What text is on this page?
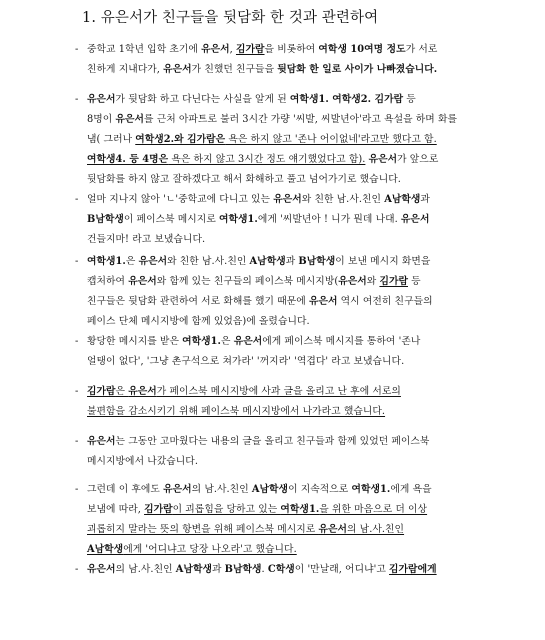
1. 유은서가 친구들을 뒷담화 한 것과 관련하여
- 중학교 1학년 입학 초기에 유은서, 김가람을 비롯하여 여학생 10여명 정도가 서로
친하게 지내다가, 유은서가 친했던 친구들을 뒷담화 한 일로 사이가 나빠졌습니다.
- 유은서가 뒷담화 하고 다닌다는 사실을 알게 된 여학생1. 여학생2. 김가람 등
8명이 유은서를 근처 아파트로 불러 3시간 가량 '씨발, 씨발년아'라고 욕설을 하며 화를
냄( 그러나 여학생2.와 김가람은 욕은 하지 않고 '존나 어이없네'라고만 했다고 함.
여학생4. 등 4명은 욕은 하지 않고 3시간 정도 얘기했었다고 함). 유은서가 앞으로
뒷담화를 하지 않고 잘하겠다고 해서 화해하고 풀고 넘어가기로 했습니다.
- 얼마 지나지 않아 'ㄴ'중학교에 다니고 있는 유은서와 친한 남.사.친인 A남학생과
B남학생이 페이스북 메시지로 여학생1.에게 '씨발년아 ! 니가 뭔데 나대. 유은서
건들지마! 라고 보냈습니다.
- 여학생1.은 유은서와 친한 남.사.친인 A남학생과 B남학생이 보낸 메시지 화면을
캡처하여 유은서와 함께 있는 친구들의 페이스북 메시지방(유은서와 김가람 등
친구들은 뒷담화 관련하여 서로 화해를 했기 때문에 유은서 역시 여전히 친구들의
페이스 단체 메시지방에 함께 있었음)에 올렸습니다.
- 황당한 메시지를 받은 여학생1.은 유은서에게 페이스북 메시지를 통하여 '존나
얼탱이 없다', '그냥 촌구석으로 쳐가라' '꺼지라' '역겹다' 라고 보냈습니다.
- 김가람은 유은서가 페이스북 메시지방에 사과 글을 올리고 난 후에 서로의
불편함을 감소시키기 위해 페이스북 메시지방에서 나가라고 했습니다.
- 유은서는 그동안 고마웠다는 내용의 글을 올리고 친구들과 함께 있었던 페이스북
메시지방에서 나갔습니다.
- 그런데 이 후에도 유은서의 남.사.친인 A남학생이 지속적으로 여학생1.에게 욕을
보냄에 따라, 김가람이 괴롭힘을 당하고 있는 여학생1.을 위한 마음으로 더 이상
괴롭히지 말라는 뜻의 항변을 위해 페이스북 메시지로 유은서의 남.사.친인
A남학생에게 '어디냐고 당장 나오라'고 했습니다.
- 유은서의 남.사.친인 A남학생과 B남학생. C학생이 '만날래, 어디냐'고 김가람에게
